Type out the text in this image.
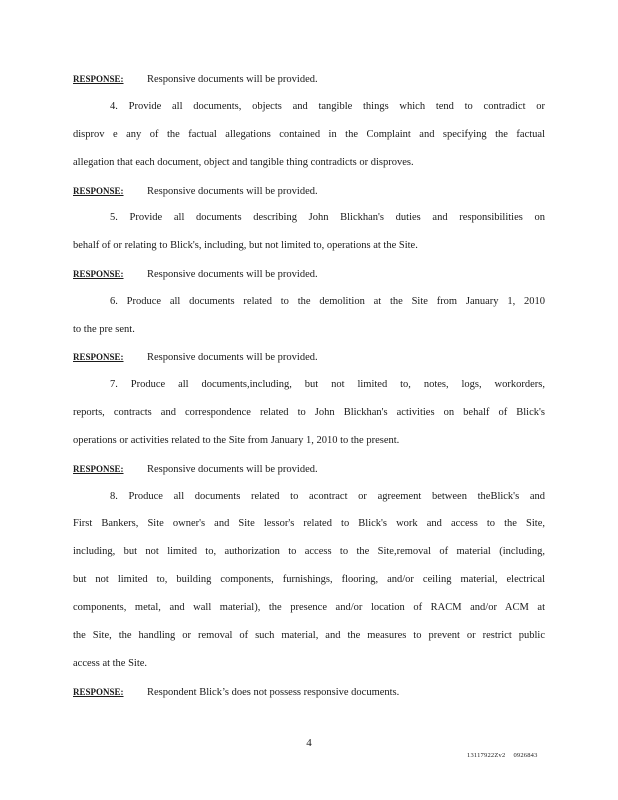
RESPONSE: Responsive documents will be provided.
4. Provide all documents, objects and tangible things which tend to contradict or
disprov e any of the factual allegations contained in the Complaint and specifying the factual
allegation that each document, object and tangible thing contradicts or disproves.
RESPONSE: Responsive documents will be provided.
5. Provide all documents describing John Blickhan's duties and responsibilities on
behalf of or relating to Blick's, including, but not limited to, operations at the Site.
RESPONSE: Responsive documents will be provided.
6. Produce all documents related to the demolition at the Site from January 1, 2010
to the pre sent.
RESPONSE: Responsive documents will be provided.
7. Produce all documents,including, but not limited to, notes, logs, workorders,
reports, contracts and correspondence related to John Blickhan's activities on behalf of Blick's
operations or activities related to the Site from January 1, 2010 to the present.
RESPONSE: Responsive documents will be provided.
8. Produce all documents related to acontract or agreement between theBlick's and
First Bankers, Site owner's and Site lessor's related to Blick's work and access to the Site,
including, but not limited to, authorization to access to the Site,removal of material (including,
but not limited to, building components, furnishings, flooring, and/or ceiling material, electrical
components, metal, and wall material), the presence and/or location of RACM and/or ACM at
the Site, the handling or removal of such material, and the measures to prevent or restrict public
access at the Site.
RESPONSE: Respondent Blick’s does not possess responsive documents.
4
13117922Zv2 0926843
